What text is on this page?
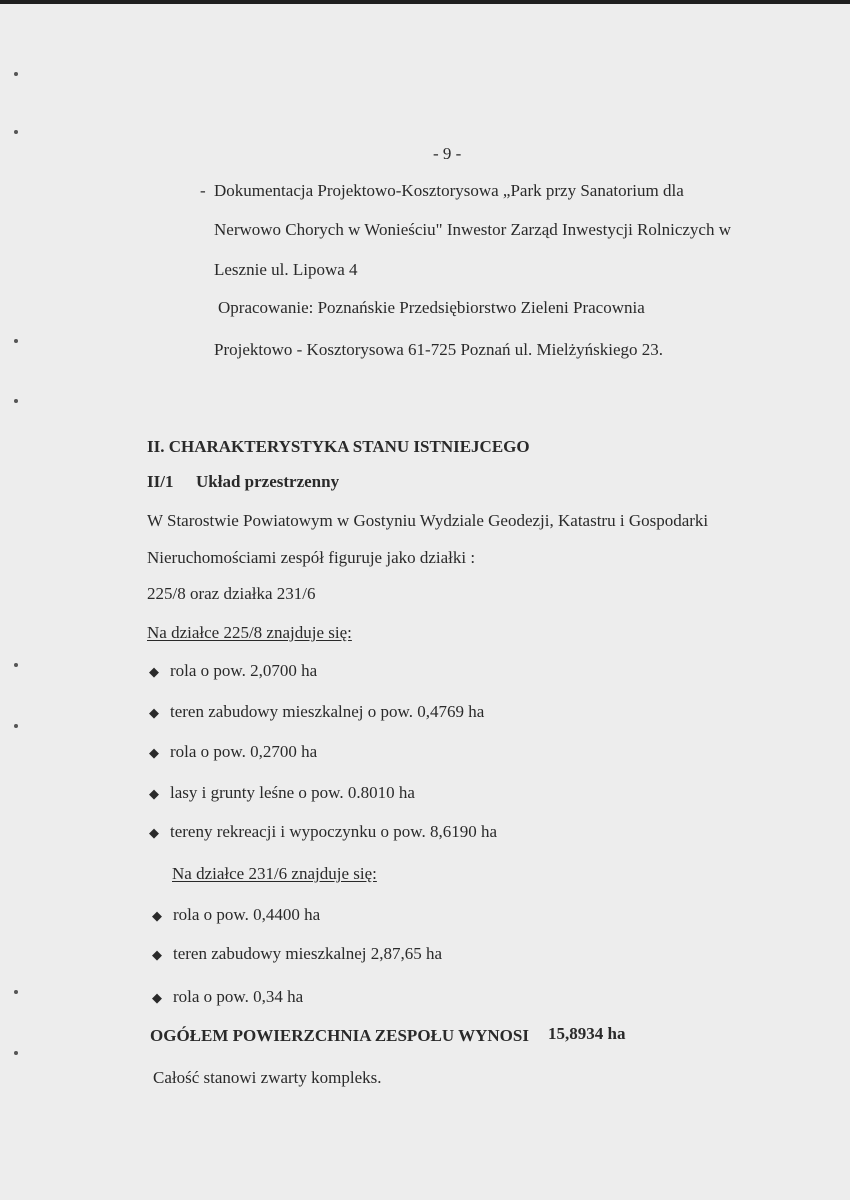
- 9 -
- Dokumentacja Projektowo-Kosztorysowa „Park przy Sanatorium dla
Nerwowo Chorych w Wonieściu" Inwestor Zarząd Inwestycji Rolniczych w
Lesznie ul. Lipowa 4
Opracowanie: Poznańskie Przedsiębiorstwo Zieleni Pracownia
Projektowo - Kosztorysowa 61-725 Poznań ul. Mielżyńskiego 23.
II. CHARAKTERYSTYKA STANU ISTNIEJCEGO
II/1 Układ przestrzenny
W Starostwie Powiatowym w Gostyniu Wydziale Geodezji, Katastru i Gospodarki
Nieruchomościami zespół figuruje jako działki :
225/8 oraz działka 231/6
Na działce 225/8 znajduje się:
◆ rola o pow. 2,0700 ha
◆ teren zabudowy mieszkalnej o pow. 0,4769 ha
◆ rola o pow. 0,2700 ha
◆ lasy i grunty leśne o pow. 0.8010 ha
◆ tereny rekreacji i wypoczynku o pow. 8,6190 ha
Na działce 231/6 znajduje się:
◆ rola o pow. 0,4400 ha
◆ teren zabudowy mieszkalnej 2,87,65 ha
◆ rola o pow. 0,34 ha
OGÓŁEM POWIERZCHNIA ZESPOŁU WYNOSI 15,8934 ha
Całość stanowi zwarty kompleks.
